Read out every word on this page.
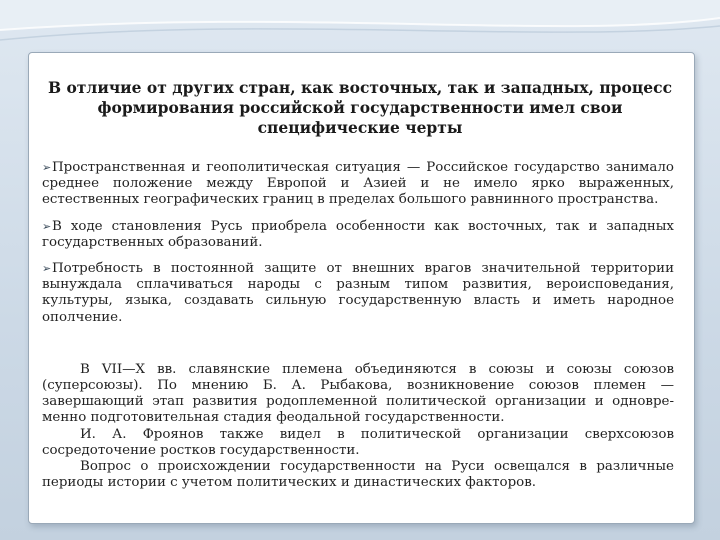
В отличие от других стран, как восточных, так и западных, процесс формирования российской государственности имел свои специфические черты

➢Пространственная и геополитическая ситуация — Российское государство занимало среднее положение между Европой и Азией и не имело ярко выраженных, естественных географических границ в пределах большого равнинного пространства.

➢В ходе становления Русь приобрела особенности как восточных, так и западных государственных образований.

➢Потребность в постоянной защите от внешних врагов значительной территории вынуждала сплачиваться народы с разным типом развития, вероисповедания, культуры, языка, создавать сильную государственную власть и иметь народное ополчение.

В VII—X вв. славянские племена объединяются в союзы и союзы союзов (суперсоюзы). По мнению Б. А. Рыбакова, возникновение союзов племен — завершающий этап развития родоплеменной политической организации и одновре-менно подготовительная стадия феодальной государственности.

И. А. Фроянов также видел в политической организации сверхсоюзов сосредоточение ростков государственности.

Вопрос о происхождении государственности на Руси освещался в различные периоды истории с учетом политических и династических факторов.
